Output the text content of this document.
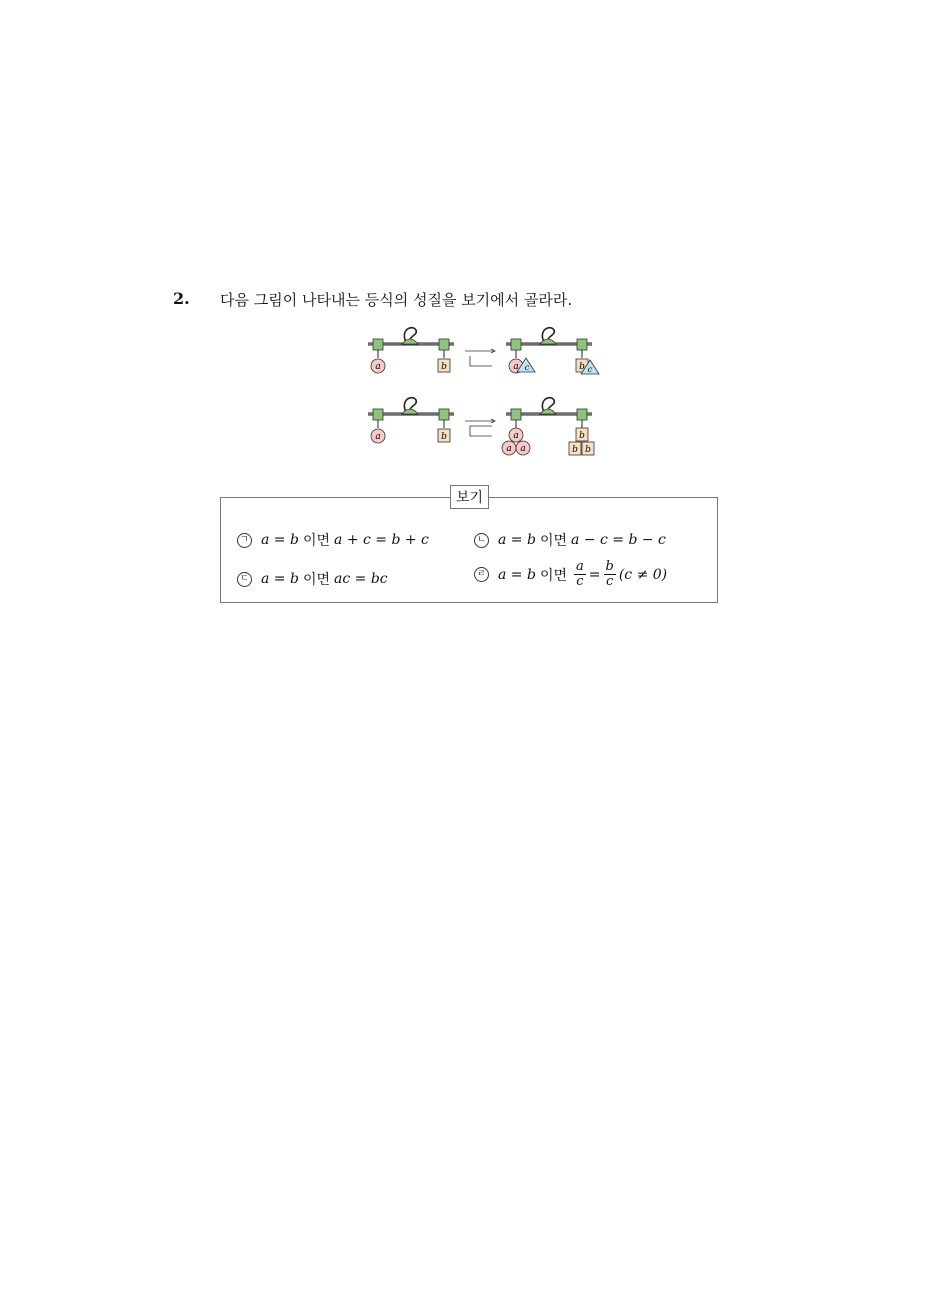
2. 다음 그림이 나타내는 등식의 성질을 보기에서 골라라.
a	b	a c	b c
a	b	a
a a
b
b b
보기
ㄱ a = b 이면 a + c = b + c	ㄴ a = b 이면 a − c = b − c
ㄷ a = b 이면 ac = bc	ㄹ a = b 이면 $\frac{a}{c} = \frac{b}{c} (c \ne 0)$
